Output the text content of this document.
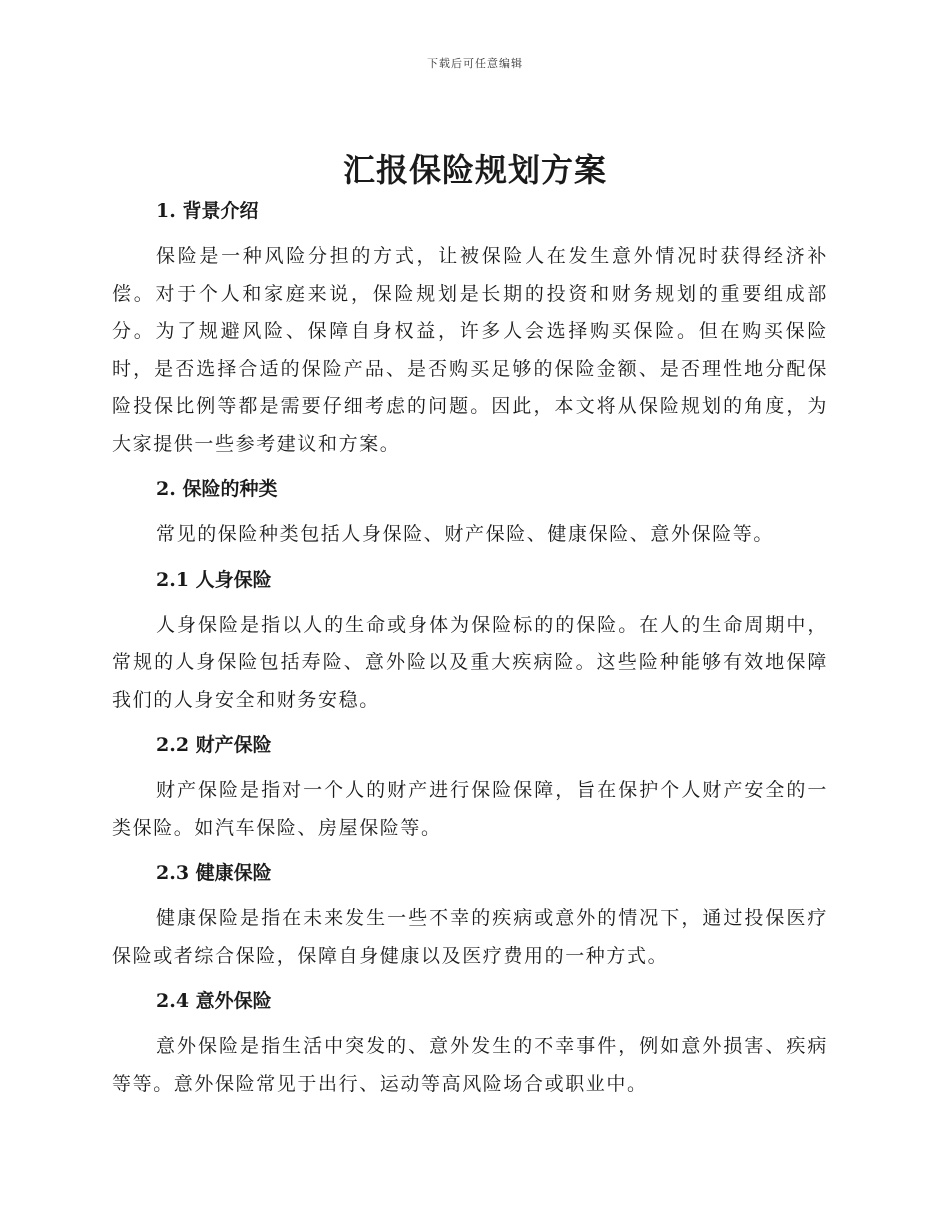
下载后可任意编辑
汇报保险规划方案

1. 背景介绍

保险是一种风险分担的方式，让被保险人在发生意外情况时获得经济补偿。对于个人和家庭来说，保险规划是长期的投资和财务规划的重要组成部分。为了规避风险、保障自身权益，许多人会选择购买保险。但在购买保险时，是否选择合适的保险产品、是否购买足够的保险金额、是否理性地分配保险投保比例等都是需要仔细考虑的问题。因此，本文将从保险规划的角度，为大家提供一些参考建议和方案。

2. 保险的种类

常见的保险种类包括人身保险、财产保险、健康保险、意外保险等。

2.1 人身保险

人身保险是指以人的生命或身体为保险标的的保险。在人的生命周期中，常规的人身保险包括寿险、意外险以及重大疾病险。这些险种能够有效地保障我们的人身安全和财务安稳。

2.2 财产保险

财产保险是指对一个人的财产进行保险保障，旨在保护个人财产安全的一类保险。如汽车保险、房屋保险等。

2.3 健康保险

健康保险是指在未来发生一些不幸的疾病或意外的情况下，通过投保医疗保险或者综合保险，保障自身健康以及医疗费用的一种方式。

2.4 意外保险

意外保险是指生活中突发的、意外发生的不幸事件，例如意外损害、疾病等等。意外保险常见于出行、运动等高风险场合或职业中。
